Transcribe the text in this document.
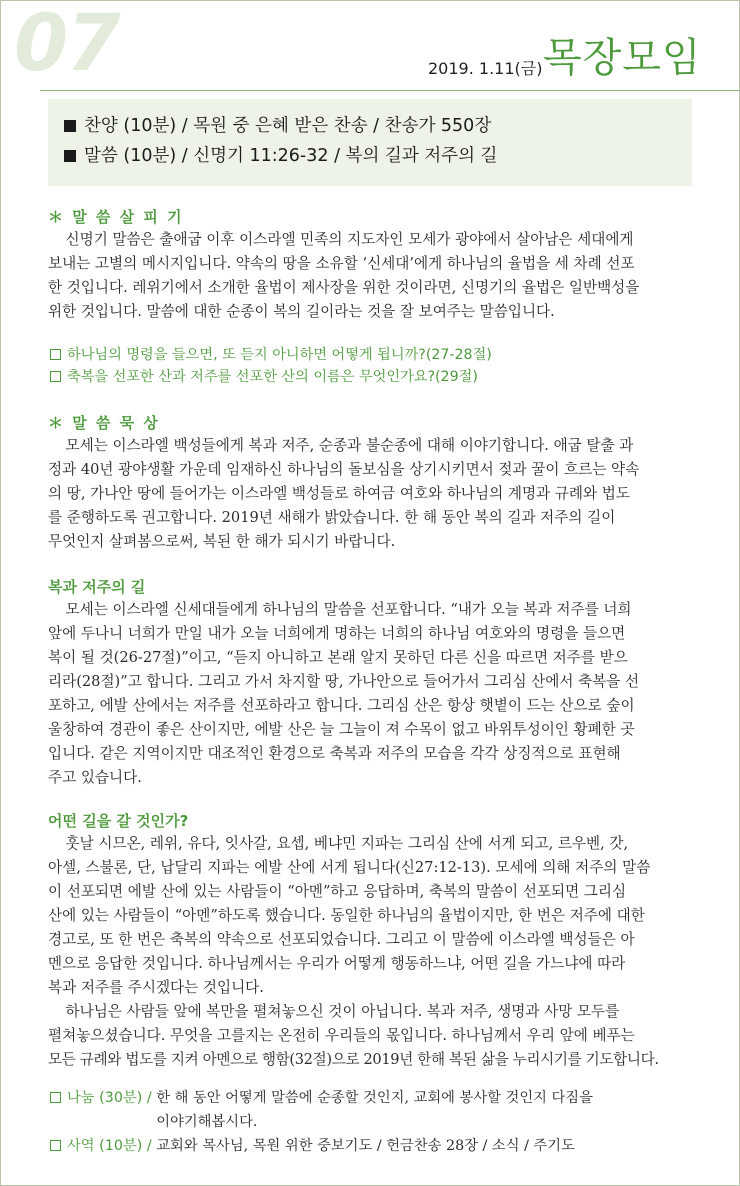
07	2019. 1.11(금) 목장모임
찬양 (10분) / 목원 중 은혜 받은 찬송 / 찬송가 550장
말씀 (10분) / 신명기 11:26-32 / 복의 길과 저주의 길
＊ 말 씀 살 피 기
신명기 말씀은 출애굽 이후 이스라엘 민족의 지도자인 모세가 광야에서 살아남은 세대에게
보내는 고별의 메시지입니다. 약속의 땅을 소유할 ‘신세대’에게 하나님의 율법을 세 차례 선포
한 것입니다. 레위기에서 소개한 율법이 제사장을 위한 것이라면, 신명기의 율법은 일반백성을
위한 것입니다. 말씀에 대한 순종이 복의 길이라는 것을 잘 보여주는 말씀입니다.
하나님의 명령을 들으면, 또 듣지 아니하면 어떻게 됩니까?(27-28절)
축복을 선포한 산과 저주를 선포한 산의 이름은 무엇인가요?(29절)
＊ 말 씀 묵 상
모세는 이스라엘 백성들에게 복과 저주, 순종과 불순종에 대해 이야기합니다. 애굽 탈출 과
정과 40년 광야생활 가운데 임재하신 하나님의 돌보심을 상기시키면서 젖과 꿀이 흐르는 약속
의 땅, 가나안 땅에 들어가는 이스라엘 백성들로 하여금 여호와 하나님의 계명과 규례와 법도
를 준행하도록 권고합니다. 2019년 새해가 밝았습니다. 한 해 동안 복의 길과 저주의 길이
무엇인지 살펴봄으로써, 복된 한 해가 되시기 바랍니다.
복과 저주의 길
모세는 이스라엘 신세대들에게 하나님의 말씀을 선포합니다. “내가 오늘 복과 저주를 너희
앞에 두나니 너희가 만일 내가 오늘 너희에게 명하는 너희의 하나님 여호와의 명령을 들으면
복이 될 것(26-27절)”이고, “듣지 아니하고 본래 알지 못하던 다른 신을 따르면 저주를 받으
리라(28절)”고 합니다. 그리고 가서 차지할 땅, 가나안으로 들어가서 그리심 산에서 축복을 선
포하고, 에발 산에서는 저주를 선포하라고 합니다. 그리심 산은 항상 햇볕이 드는 산으로 숲이
울창하여 경관이 좋은 산이지만, 에발 산은 늘 그늘이 져 수목이 없고 바위투성이인 황폐한 곳
입니다. 같은 지역이지만 대조적인 환경으로 축복과 저주의 모습을 각각 상징적으로 표현해
주고 있습니다.
어떤 길을 갈 것인가?
훗날 시므온, 레위, 유다, 잇사갈, 요셉, 베냐민 지파는 그리심 산에 서게 되고, 르우벤, 갓,
아셀, 스불론, 단, 납달리 지파는 에발 산에 서게 됩니다(신27:12-13). 모세에 의해 저주의 말씀
이 선포되면 에발 산에 있는 사람들이 “아멘”하고 응답하며, 축복의 말씀이 선포되면 그리심
산에 있는 사람들이 “아멘”하도록 했습니다. 동일한 하나님의 율법이지만, 한 번은 저주에 대한
경고로, 또 한 번은 축복의 약속으로 선포되었습니다. 그리고 이 말씀에 이스라엘 백성들은 아
멘으로 응답한 것입니다. 하나님께서는 우리가 어떻게 행동하느냐, 어떤 길을 가느냐에 따라
복과 저주를 주시겠다는 것입니다.
하나님은 사람들 앞에 복만을 펼쳐놓으신 것이 아닙니다. 복과 저주, 생명과 사망 모두를
펼쳐놓으셨습니다. 무엇을 고를지는 온전히 우리들의 몫입니다. 하나님께서 우리 앞에 베푸는
모든 규례와 법도를 지켜 아멘으로 행함(32절)으로 2019년 한해 복된 삶을 누리시기를 기도합니다.
나눔 (30분) / 한 해 동안 어떻게 말씀에 순종할 것인지, 교회에 봉사할 것인지 다짐을
이야기해봅시다.
사역 (10분) / 교회와 목사님, 목원 위한 중보기도 / 헌금찬송 28장 / 소식 / 주기도
